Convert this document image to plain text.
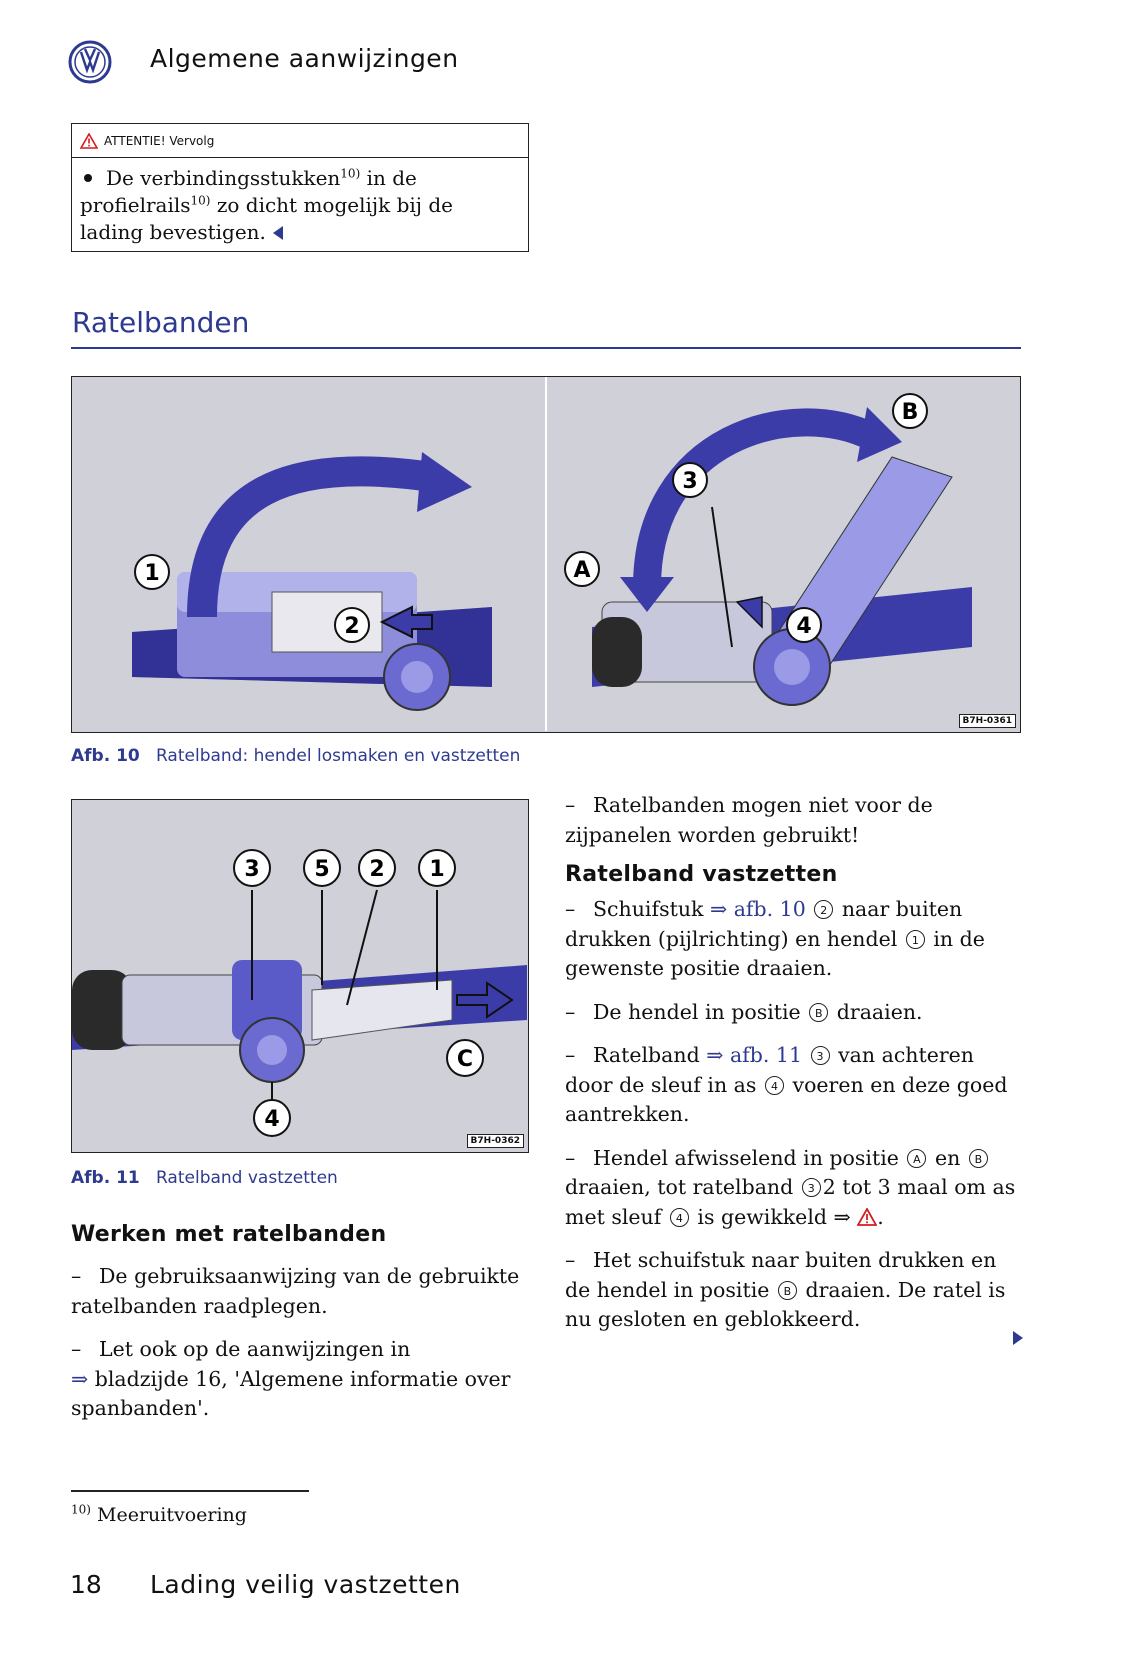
Algemene aanwijzingen
ATTENTIE! Vervolg
De verbindingsstukken$^{10)}$ in de profielrails$^{10)}$ zo dicht mogelijk bij de lading bevestigen.
Ratelbanden
1
2
A
3
4
B
B7H-0361
Afb. 10 Ratelband: hendel losmaken en vastzetten
3 5 2 1
C
4
B7H-0362
Afb. 11 Ratelband vastzetten
Werken met ratelbanden

– De gebruiksaanwijzing van de gebruikte ratelbanden raadplegen.

– Let ook op de aanwijzingen in
⇒ bladzijde 16, 'Algemene informatie over spanbanden'.

– Ratelbanden mogen niet voor de zijpanelen worden gebruikt!

Ratelband vastzetten

– Schuifstuk ⇒ afb. 10 2 naar buiten drukken (pijlrichting) en hendel 1 in de gewenste positie draaien.

– De hendel in positie B draaien.

– Ratelband ⇒ afb. 11 3 van achteren door de sleuf in as 4 voeren en deze goed aantrekken.

– Hendel afwisselend in positie A en B draaien, tot ratelband 3 2 tot 3 maal om as met sleuf 4 is gewikkeld ⇒ .

– Het schuifstuk naar buiten drukken en de hendel in positie B draaien. De ratel is nu gesloten en geblokkeerd.

$^{10)}$ Meeruitvoering
18 Lading veilig vastzetten
